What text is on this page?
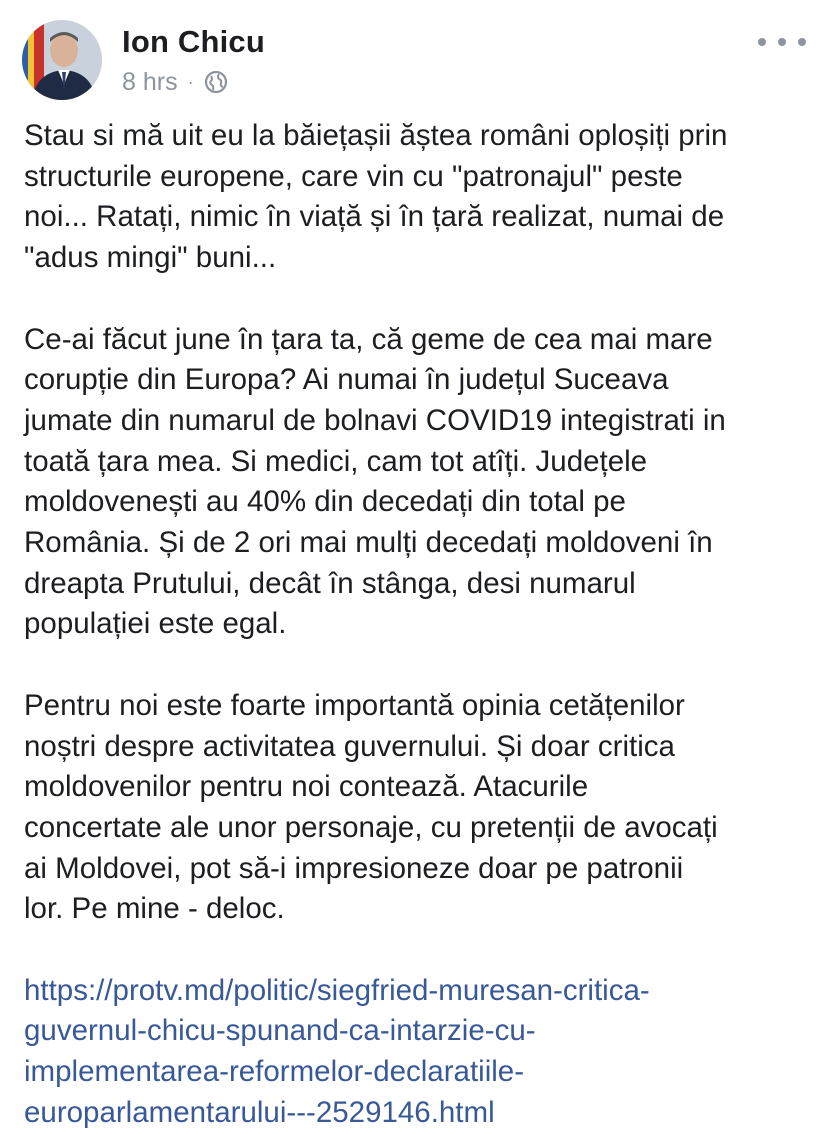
Ion Chicu
8 hrs ·

Stau si mă uit eu la băiețașii ăștea români oploșiți prin
structurile europene, care vin cu "patronajul" peste
noi... Ratați, nimic în viață și în țară realizat, numai de
"adus mingi" buni...

Ce-ai făcut june în țara ta, că geme de cea mai mare
corupție din Europa? Ai numai în județul Suceava
jumate din numarul de bolnavi COVID19 integistrati in
toată țara mea. Si medici, cam tot atîți. Județele
moldovenești au 40% din decedați din total pe
România. Și de 2 ori mai mulți decedați moldoveni în
dreapta Prutului, decât în stânga, desi numarul
populației este egal.

Pentru noi este foarte importantă opinia cetățenilor
noștri despre activitatea guvernului. Și doar critica
moldovenilor pentru noi contează. Atacurile
concertate ale unor personaje, cu pretenții de avocați
ai Moldovei, pot să-i impresioneze doar pe patronii
lor. Pe mine - deloc.

https://protv.md/politic/siegfried-muresan-critica-
guvernul-chicu-spunand-ca-intarzie-cu-
implementarea-reformelor-declaratiile-
europarlamentarului---2529146.html
